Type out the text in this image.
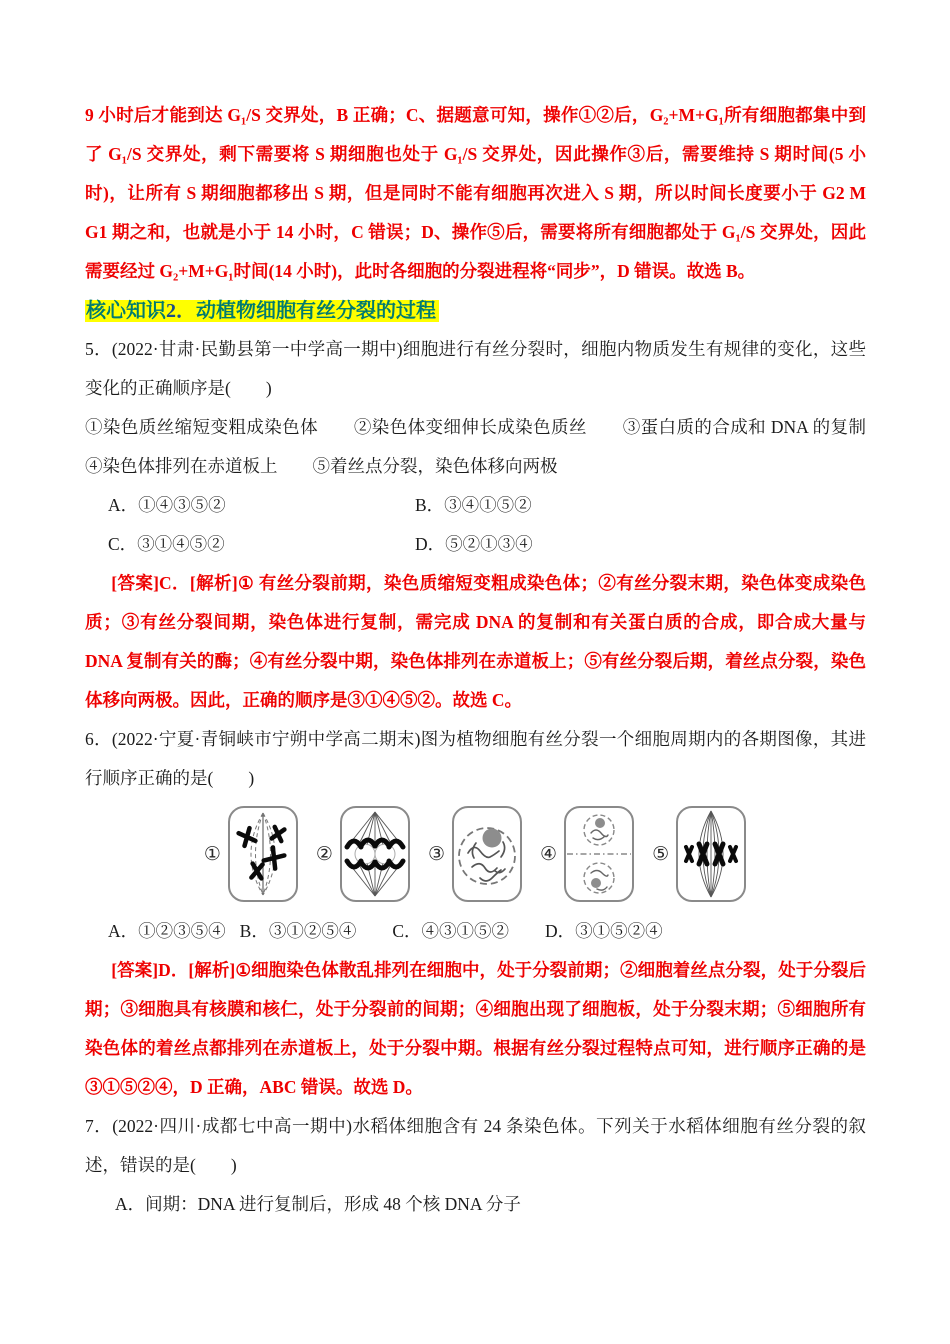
9 小时后才能到达 G₁/S 交界处，B 正确；C、据题意可知，操作①②后，G₂+M+G₁所有细胞都集中到了 G₁/S 交界处，剩下需要将 S 期细胞也处于 G₁/S 交界处，因此操作③后，需要维持 S 期时间(5 小时)，让所有 S 期细胞都移出 S 期，但是同时不能有细胞再次进入 S 期，所以时间长度要小于 G2 M G1 期之和，也就是小于 14 小时，C 错误；D、操作⑤后，需要将所有细胞都处于 G₁/S 交界处，因此需要经过 G₂+M+G₁时间(14 小时)，此时各细胞的分裂进程将“同步”，D 错误。故选 B。

核心知识2．动植物细胞有丝分裂的过程

5．(2022·甘肃·民勤县第一中学高一期中)细胞进行有丝分裂时，细胞内物质发生有规律的变化，这些变化的正确顺序是(　　)

①染色质丝缩短变粗成染色体　　②染色体变细伸长成染色质丝　　③蛋白质的合成和 DNA 的复制　　④染色体排列在赤道板上　　⑤着丝点分裂，染色体移向两极

A．①④③⑤②	B．③④①⑤②
C．③①④⑤②	D．⑤②①③④

[答案]C．[解析]① 有丝分裂前期，染色质缩短变粗成染色体；②有丝分裂末期，染色体变成染色质；③有丝分裂间期，染色体进行复制，需完成 DNA 的复制和有关蛋白质的合成，即合成大量与 DNA 复制有关的酶；④有丝分裂中期，染色体排列在赤道板上；⑤有丝分裂后期，着丝点分裂，染色体移向两极。因此，正确的顺序是③①④⑤②。故选 C。

6．(2022·宁夏·青铜峡市宁朔中学高二期末)图为植物细胞有丝分裂一个细胞周期内的各期图像，其进行顺序正确的是(　　)

①	②	③	④	⑤
A．①②③⑤④ B．③①②⑤④ C．④③①⑤② D．③①⑤②④

[答案]D．[解析]①细胞染色体散乱排列在细胞中，处于分裂前期；②细胞着丝点分裂，处于分裂后期；③细胞具有核膜和核仁，处于分裂前的间期；④细胞出现了细胞板，处于分裂末期；⑤细胞所有染色体的着丝点都排列在赤道板上，处于分裂中期。根据有丝分裂过程特点可知，进行顺序正确的是③①⑤②④，D 正确，ABC 错误。故选 D。

7．(2022·四川·成都七中高一期中)水稻体细胞含有 24 条染色体。下列关于水稻体细胞有丝分裂的叙述，错误的是(　　)

A．间期：DNA 进行复制后，形成 48 个核 DNA 分子
